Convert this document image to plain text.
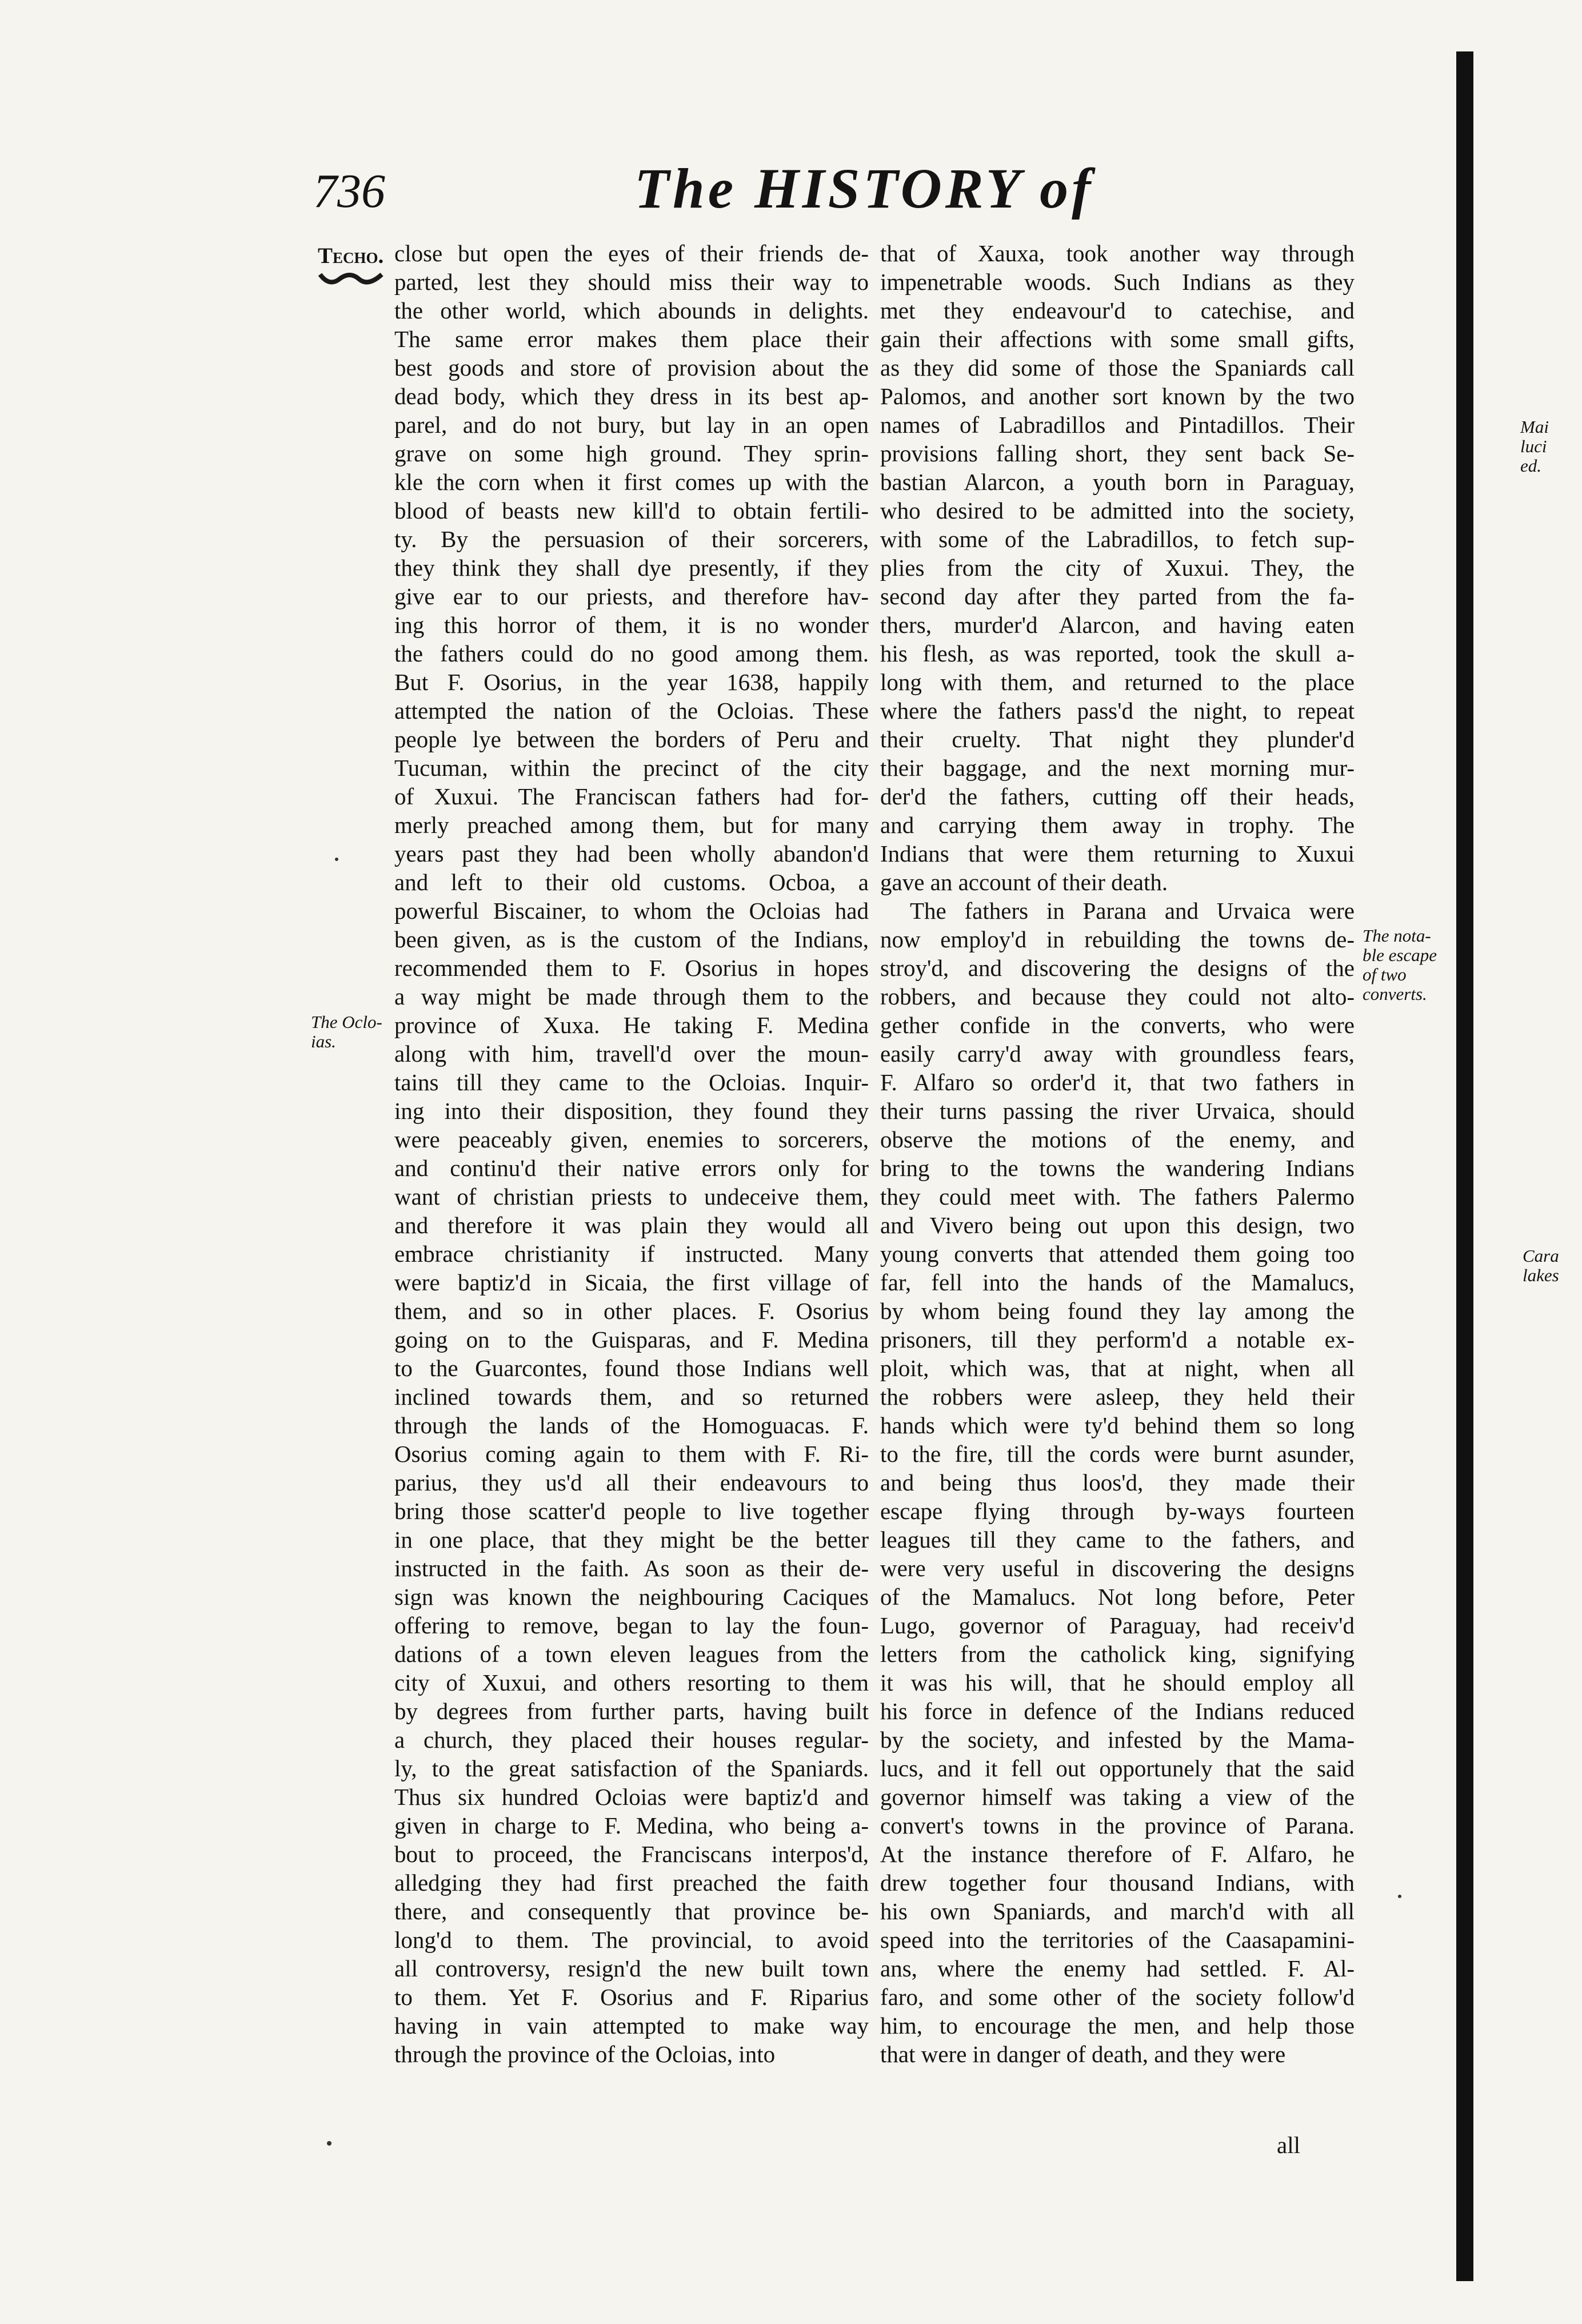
736	The HISTORY of
Techo. close but open the eyes of their friends de-
parted, lest they should miss their way to
the other world, which abounds in delights.
The same error makes them place their
best goods and store of provision about the
dead body, which they dress in its best ap-
parel, and do not bury, but lay in an open
grave on some high ground. They sprin-
kle the corn when it first comes up with the
blood of beasts new kill'd to obtain fertili-
ty. By the persuasion of their sorcerers,
they think they shall dye presently, if they
give ear to our priests, and therefore hav-
ing this horror of them, it is no wonder
the fathers could do no good among them.
But F. Osorius, in the year 1638, happily
attempted the nation of the Ocloias. These
people lye between the borders of Peru and
Tucuman, within the precinct of the city
of Xuxui. The Franciscan fathers had for-
merly preached among them, but for many
years past they had been wholly abandon'd
and left to their old customs. Ocboa, a
powerful Biscainer, to whom the Ocloias had
been given, as is the custom of the Indians,
recommended them to F. Osorius in hopes
a way might be made through them to the
province of Xuxa. He taking F. Medina
along with him, travell'd over the moun-
tains till they came to the Ocloias. Inquir-
ing into their disposition, they found they
were peaceably given, enemies to sorcerers,
and continu'd their native errors only for
want of christian priests to undeceive them,
and therefore it was plain they would all
embrace christianity if instructed. Many
were baptiz'd in Sicaia, the first village of
them, and so in other places. F. Osorius
going on to the Guisparas, and F. Medina
to the Guarcontes, found those Indians well
inclined towards them, and so returned
through the lands of the Homoguacas. F.
Osorius coming again to them with F. Ri-
parius, they us'd all their endeavours to
bring those scatter'd people to live together
in one place, that they might be the better
instructed in the faith. As soon as their de-
sign was known the neighbouring Caciques
offering to remove, began to lay the foun-
dations of a town eleven leagues from the
city of Xuxui, and others resorting to them
by degrees from further parts, having built
a church, they placed their houses regular-
ly, to the great satisfaction of the Spaniards.
Thus six hundred Ocloias were baptiz'd and
given in charge to F. Medina, who being a-
bout to proceed, the Franciscans interpos'd,
alledging they had first preached the faith
there, and consequently that province be-
long'd to them. The provincial, to avoid
all controversy, resign'd the new built town
to them. Yet F. Osorius and F. Riparius
having in vain attempted to make way
through the province of the Ocloias, into
that of Xauxa, took another way through
impenetrable woods. Such Indians as they
met they endeavour'd to catechise, and
gain their affections with some small gifts,
as they did some of those the Spaniards call
Palomos, and another sort known by the two
names of Labradillos and Pintadillos. Their
provisions falling short, they sent back Se-
bastian Alarcon, a youth born in Paraguay,
who desired to be admitted into the society,
with some of the Labradillos, to fetch sup-
plies from the city of Xuxui. They, the
second day after they parted from the fa-
thers, murder'd Alarcon, and having eaten
his flesh, as was reported, took the skull a-
long with them, and returned to the place
where the fathers pass'd the night, to repeat
their cruelty. That night they plunder'd
their baggage, and the next morning mur-
der'd the fathers, cutting off their heads,
and carrying them away in trophy. The
Indians that were them returning to Xuxui
gave an account of their death.
The fathers in Parana and Urvaica were
now employ'd in rebuilding the towns de-
stroy'd, and discovering the designs of the
robbers, and because they could not alto-
gether confide in the converts, who were
easily carry'd away with groundless fears,
F. Alfaro so order'd it, that two fathers in
their turns passing the river Urvaica, should
observe the motions of the enemy, and
bring to the towns the wandering Indians
they could meet with. The fathers Palermo
and Vivero being out upon this design, two
young converts that attended them going too
far, fell into the hands of the Mamalucs,
by whom being found they lay among the
prisoners, till they perform'd a notable ex-
ploit, which was, that at night, when all
the robbers were asleep, they held their
hands which were ty'd behind them so long
to the fire, till the cords were burnt asunder,
and being thus loos'd, they made their
escape flying through by-ways fourteen
leagues till they came to the fathers, and
were very useful in discovering the designs
of the Mamalucs. Not long before, Peter
Lugo, governor of Paraguay, had receiv'd
letters from the catholick king, signifying
it was his will, that he should employ all
his force in defence of the Indians reduced
by the society, and infested by the Mama-
lucs, and it fell out opportunely that the said
governor himself was taking a view of the
convert's towns in the province of Parana.
At the instance therefore of F. Alfaro, he
drew together four thousand Indians, with
his own Spaniards, and march'd with all
speed into the territories of the Caasapamini-
ans, where the enemy had settled. F. Al-
faro, and some other of the society follow'd
him, to encourage the men, and help those
that were in danger of death, and they were
The Oclo-
ias.
The nota-
ble escape
of two
converts.
Mai
luci
ed.
Cara
lakes
all
